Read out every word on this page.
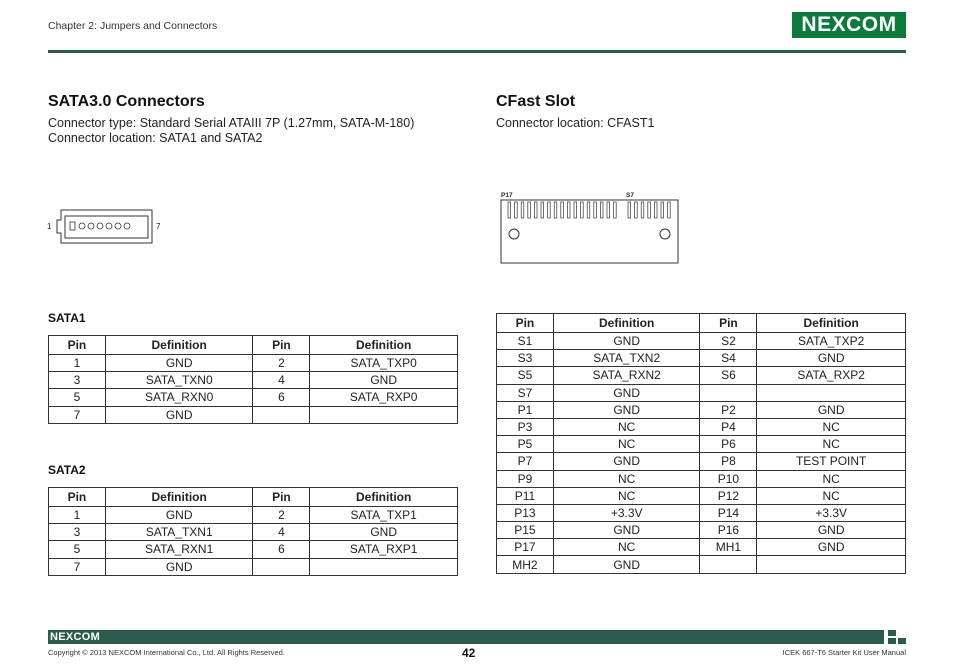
Chapter 2: Jumpers and Connectors	NEXCOM
SATA3.0 Connectors
Connector type: Standard Serial ATAIII 7P (1.27mm, SATA-M-180)
Connector location: SATA1 and SATA2
1	7
CFast Slot
Connector location: CFAST1
P17	S7
SATA1
Pin	Definition	Pin	Definition
1	GND	2	SATA_TXP0
3	SATA_TXN0	4	GND
5	SATA_RXN0	6	SATA_RXP0
7	GND		
SATA2
Pin	Definition	Pin	Definition
1	GND	2	SATA_TXP1
3	SATA_TXN1	4	GND
5	SATA_RXN1	6	SATA_RXP1
7	GND		
Pin	Definition	Pin	Definition
S1	GND	S2	SATA_TXP2
S3	SATA_TXN2	S4	GND
S5	SATA_RXN2	S6	SATA_RXP2
S7	GND		
P1	GND	P2	GND
P3	NC	P4	NC
P5	NC	P6	NC
P7	GND	P8	TEST POINT
P9	NC	P10	NC
P11	NC	P12	NC
P13	+3.3V	P14	+3.3V
P15	GND	P16	GND
P17	NC	MH1	GND
MH2	GND		
NEXCOM
Copyright © 2013 NEXCOM International Co., Ltd. All Rights Reserved.	42	ICEK 667-T6 Starter Kit User Manual
